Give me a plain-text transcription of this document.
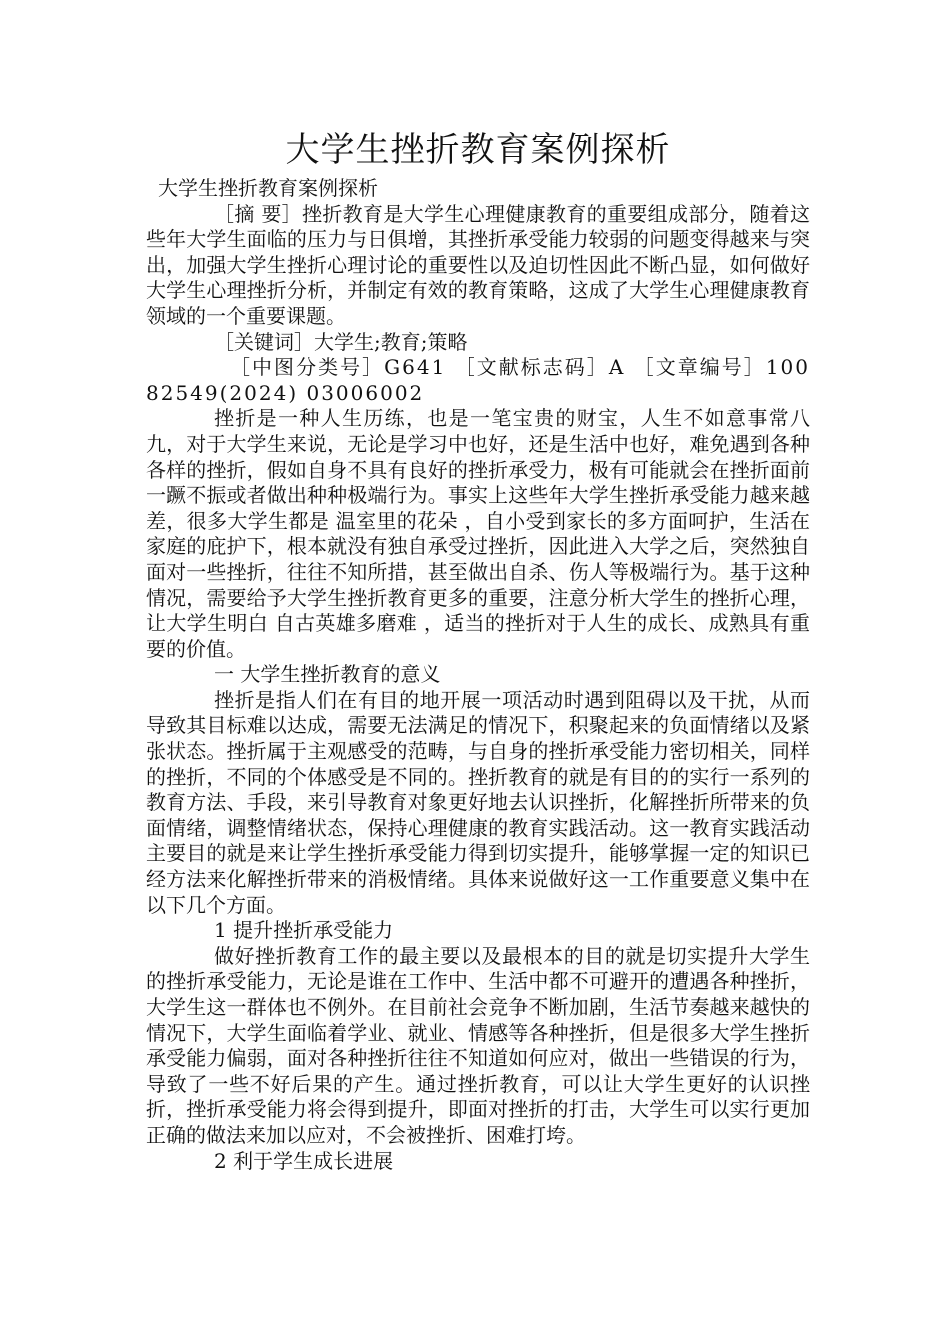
大学生挫折教育案例探析

大学生挫折教育案例探析

［摘 要］挫折教育是大学生心理健康教育的重要组成部分，随着这些年大学生面临的压力与日俱增，其挫折承受能力较弱的问题变得越来与突出，加强大学生挫折心理讨论的重要性以及迫切性因此不断凸显，如何做好大学生心理挫折分析，并制定有效的教育策略，这成了大学生心理健康教育领域的一个重要课题。

［关键词］大学生;教育;策略

［中图分类号］G641 ［文献标志码］A ［文章编号］10082549(2024) 03006002

挫折是一种人生历练，也是一笔宝贵的财宝，人生不如意事常八九，对于大学生来说，无论是学习中也好，还是生活中也好，难免遇到各种各样的挫折，假如自身不具有良好的挫折承受力，极有可能就会在挫折面前一蹶不振或者做出种种极端行为。事实上这些年大学生挫折承受能力越来越差，很多大学生都是 温室里的花朵 ，自小受到家长的多方面呵护，生活在家庭的庇护下，根本就没有独自承受过挫折，因此进入大学之后，突然独自面对一些挫折，往往不知所措，甚至做出自杀、伤人等极端行为。基于这种情况，需要给予大学生挫折教育更多的重要，注意分析大学生的挫折心理，让大学生明白 自古英雄多磨难 ，适当的挫折对于人生的成长、成熟具有重要的价值。

一 大学生挫折教育的意义

挫折是指人们在有目的地开展一项活动时遇到阻碍以及干扰，从而导致其目标难以达成，需要无法满足的情况下，积聚起来的负面情绪以及紧张状态。挫折属于主观感受的范畴，与自身的挫折承受能力密切相关，同样的挫折，不同的个体感受是不同的。挫折教育的就是有目的的实行一系列的教育方法、手段，来引导教育对象更好地去认识挫折，化解挫折所带来的负面情绪，调整情绪状态，保持心理健康的教育实践活动。这一教育实践活动主要目的就是来让学生挫折承受能力得到切实提升，能够掌握一定的知识已经方法来化解挫折带来的消极情绪。具体来说做好这一工作重要意义集中在以下几个方面。

1 提升挫折承受能力

做好挫折教育工作的最主要以及最根本的目的就是切实提升大学生的挫折承受能力，无论是谁在工作中、生活中都不可避开的遭遇各种挫折，大学生这一群体也不例外。在目前社会竞争不断加剧，生活节奏越来越快的情况下，大学生面临着学业、就业、情感等各种挫折，但是很多大学生挫折承受能力偏弱，面对各种挫折往往不知道如何应对，做出一些错误的行为，导致了一些不好后果的产生。通过挫折教育，可以让大学生更好的认识挫折，挫折承受能力将会得到提升，即面对挫折的打击，大学生可以实行更加正确的做法来加以应对，不会被挫折、困难打垮。

2 利于学生成长进展
